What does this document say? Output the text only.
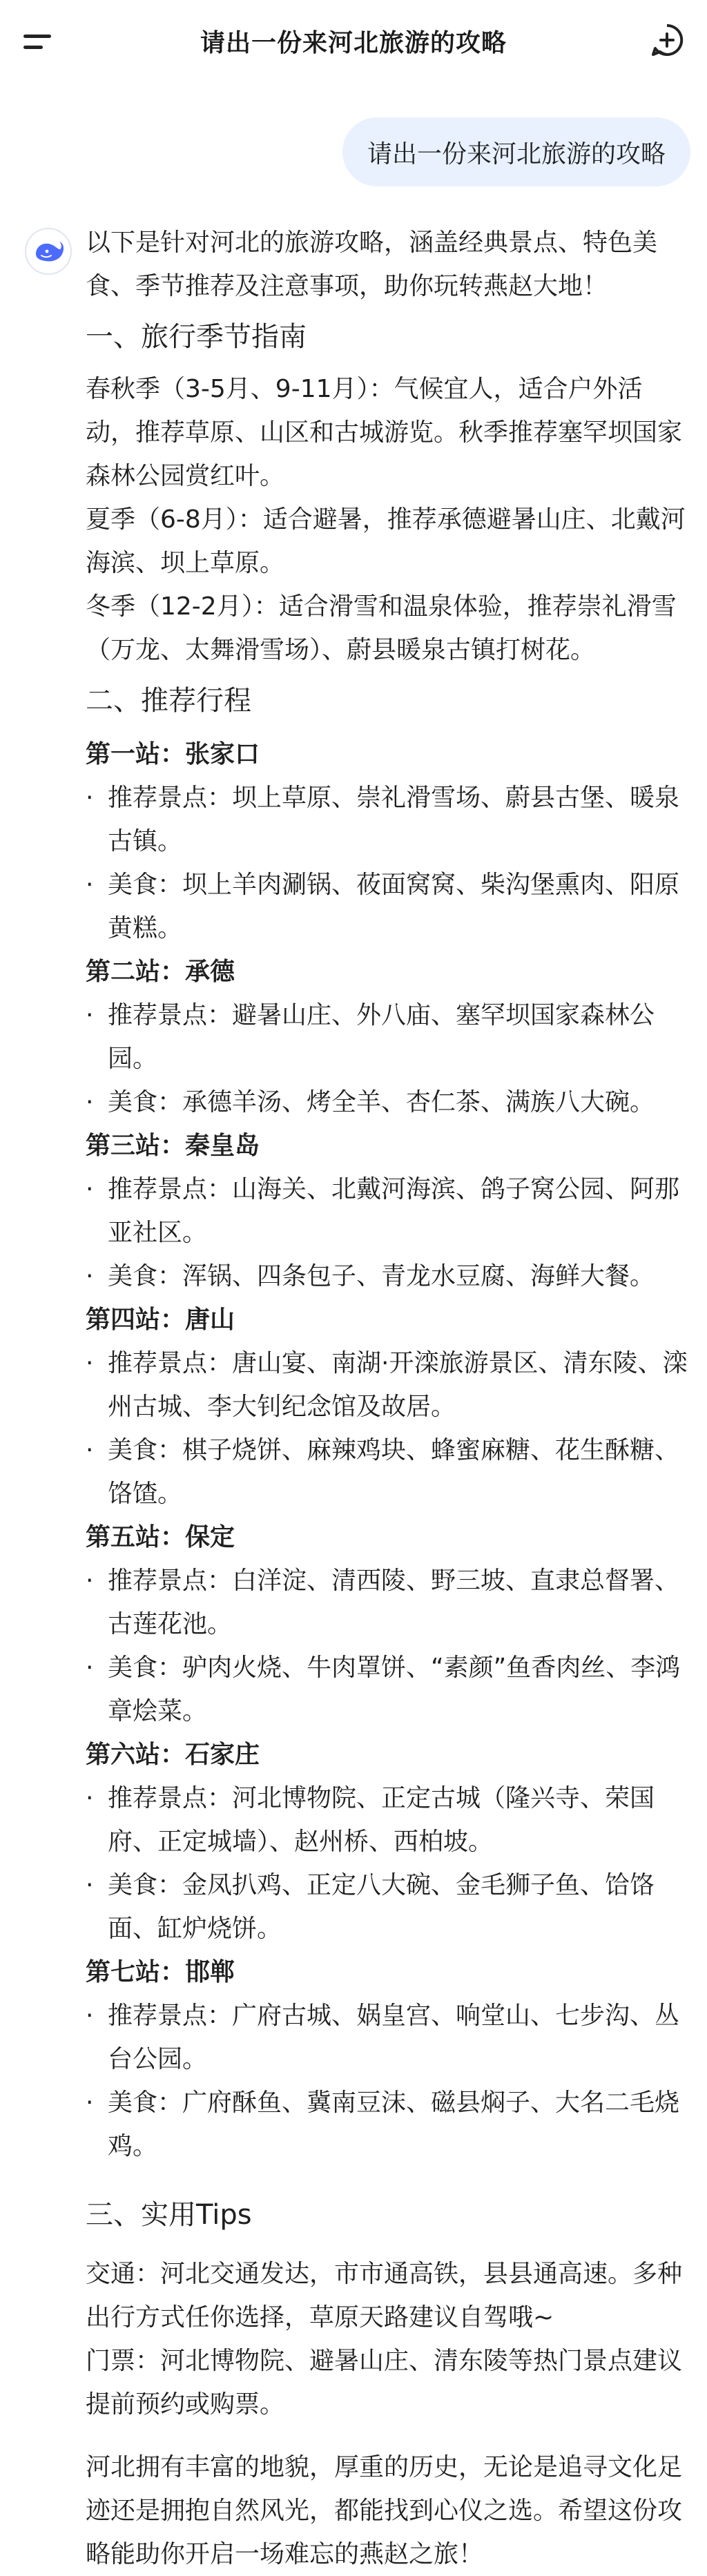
请出一份来河北旅游的攻略
请出一份来河北旅游的攻略

以下是针对河北的旅游攻略，涵盖经典景点、特色美食、季节推荐及注意事项，助你玩转燕赵大地！

一、旅行季节指南

春秋季（3-5月、9-11月）：气候宜人，适合户外活动，推荐草原、山区和古城游览。秋季推荐塞罕坝国家森林公园赏红叶。

夏季（6-8月）：适合避暑，推荐承德避暑山庄、北戴河海滨、坝上草原。

冬季（12-2月）：适合滑雪和温泉体验，推荐崇礼滑雪（万龙、太舞滑雪场）、蔚县暖泉古镇打树花。

二、推荐行程

第一站：张家口

· 推荐景点：坝上草原、崇礼滑雪场、蔚县古堡、暖泉古镇。

· 美食：坝上羊肉涮锅、莜面窝窝、柴沟堡熏肉、阳原黄糕。

第二站：承德

· 推荐景点：避暑山庄、外八庙、塞罕坝国家森林公园。

· 美食：承德羊汤、烤全羊、杏仁茶、满族八大碗。

第三站：秦皇岛

· 推荐景点：山海关、北戴河海滨、鸽子窝公园、阿那亚社区。

· 美食：浑锅、四条包子、青龙水豆腐、海鲜大餐。

第四站：唐山

· 推荐景点：唐山宴、南湖·开滦旅游景区、清东陵、滦州古城、李大钊纪念馆及故居。

· 美食：棋子烧饼、麻辣鸡块、蜂蜜麻糖、花生酥糖、饹馇。

第五站：保定

· 推荐景点：白洋淀、清西陵、野三坡、直隶总督署、古莲花池。

· 美食：驴肉火烧、牛肉罩饼、“素颜”鱼香肉丝、李鸿章烩菜。

第六站：石家庄

· 推荐景点：河北博物院、正定古城（隆兴寺、荣国府、正定城墙）、赵州桥、西柏坡。

· 美食：金凤扒鸡、正定八大碗、金毛狮子鱼、饸饹面、缸炉烧饼。

第七站：邯郸

· 推荐景点：广府古城、娲皇宫、响堂山、七步沟、丛台公园。

· 美食：广府酥鱼、冀南豆沫、磁县焖子、大名二毛烧鸡。

三、实用Tips

交通：河北交通发达，市市通高铁，县县通高速。多种出行方式任你选择，草原天路建议自驾哦~

门票：河北博物院、避暑山庄、清东陵等热门景点建议提前预约或购票。

河北拥有丰富的地貌，厚重的历史，无论是追寻文化足迹还是拥抱自然风光，都能找到心仪之选。希望这份攻略能助你开启一场难忘的燕赵之旅！
